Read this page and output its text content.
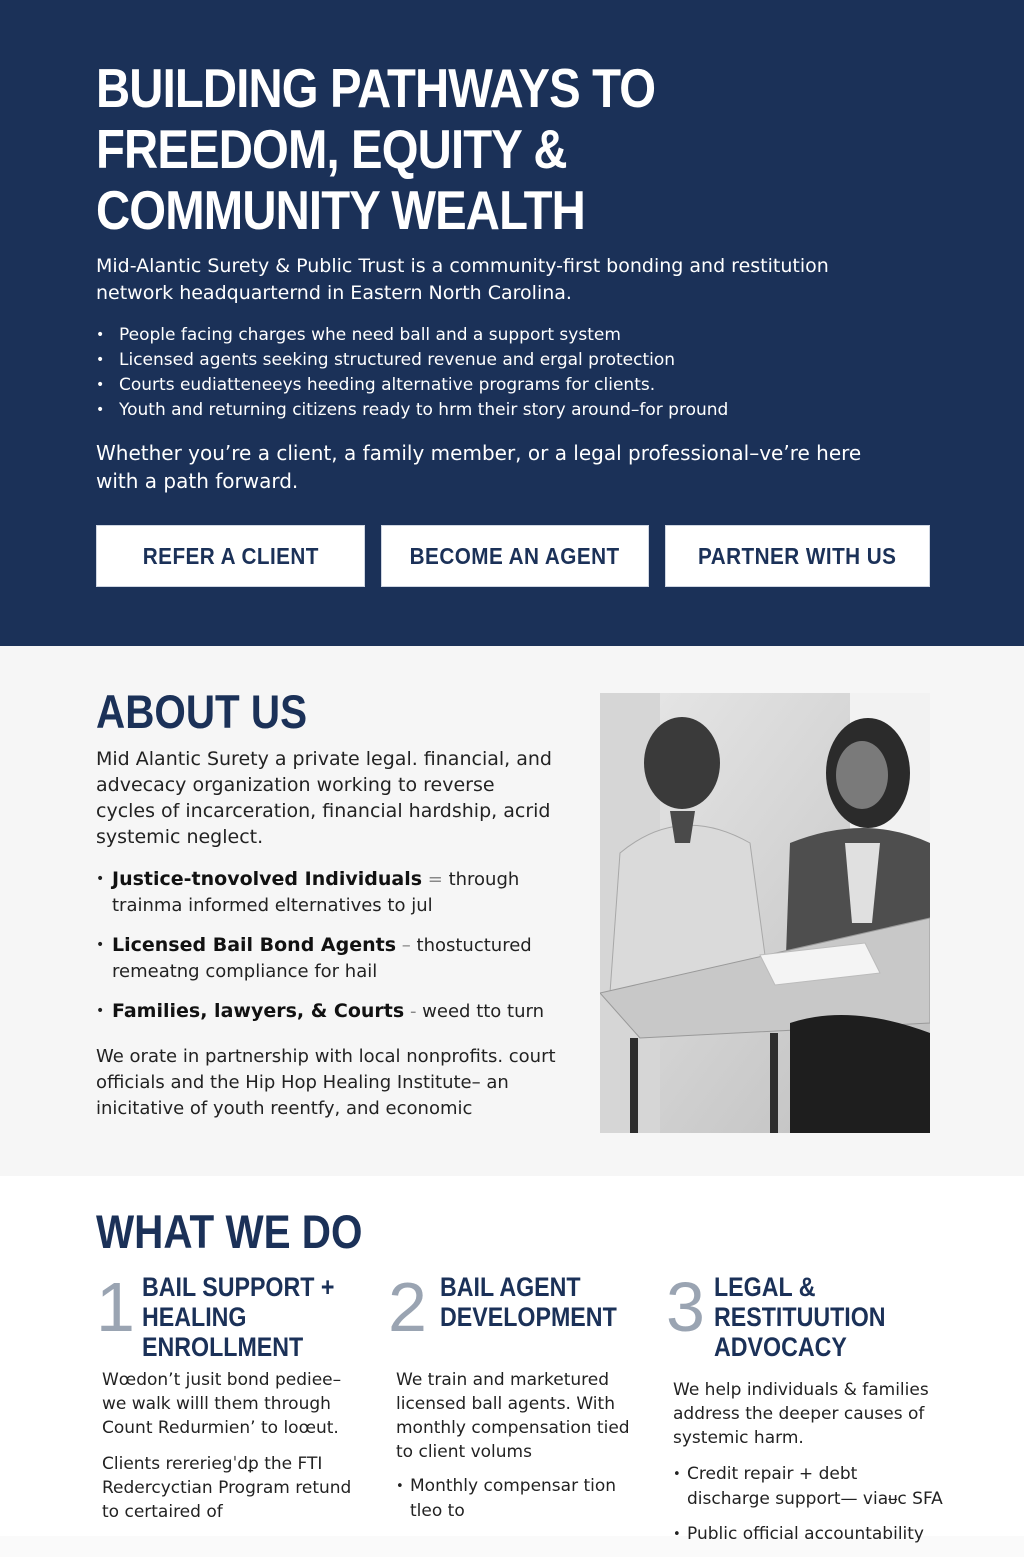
BUILDING PATHWAYS TO FREEDOM, EQUITY & COMMUNITY WEALTH

Mid-Alantic Surety & Public Trust is a community-first bonding and restitution network headquarternd in Eastern North Carolina.

• People facing charges whe need ball and a support system
• Licensed agents seeking structured revenue and ergal protection
• Courts eudiatteneeys heeding alternative programs for clients.
• Youth and returning citizens ready to hrm their story around–for pround

Whether you’re a client, a family member, or a legal professional–ve’re here with a path forward.

REFER A CLIENT	BECOME AN AGENT	PARTNER WITH US
ABOUT US

Mid Alantic Surety a private legal. financial, and advecacy organization working to reverse cycles of incarceration, financial hardship, acrid systemic neglect.

• Justice-tnovolved Individuals = through trainma informed elternatives to jul
• Licensed Bail Bond Agents – thostuctured remeatng compliance for hail
• Families, lawyers, & Courts - weed tto turn

We orate in partnership with local nonprofits. court officials and the Hip Hop Healing Institute– an inicitative of youth reentfy, and economic

WHAT WE DO
1 BAIL SUPPORT + HEALING ENROLLMENT

Wœdon’t jusit bond pediee– we walk willl them through Count Redurmien’ to loœut.

Clients rereriegˈdꝑ the FTI Redercyctian Program retund to certaired of

2 BAIL AGENT DEVELOPMENT

We train and marketured licensed ball agents. With monthly compensation tied to client volums

• Monthly compensar tion tleo to
3 LEGAL & RESTITUUTION ADVOCACY

We help individuals & families address the deeper causes of systemic harm.

• Credit repair + debt discharge support— viaᵾc SFA
• Public official accountability
